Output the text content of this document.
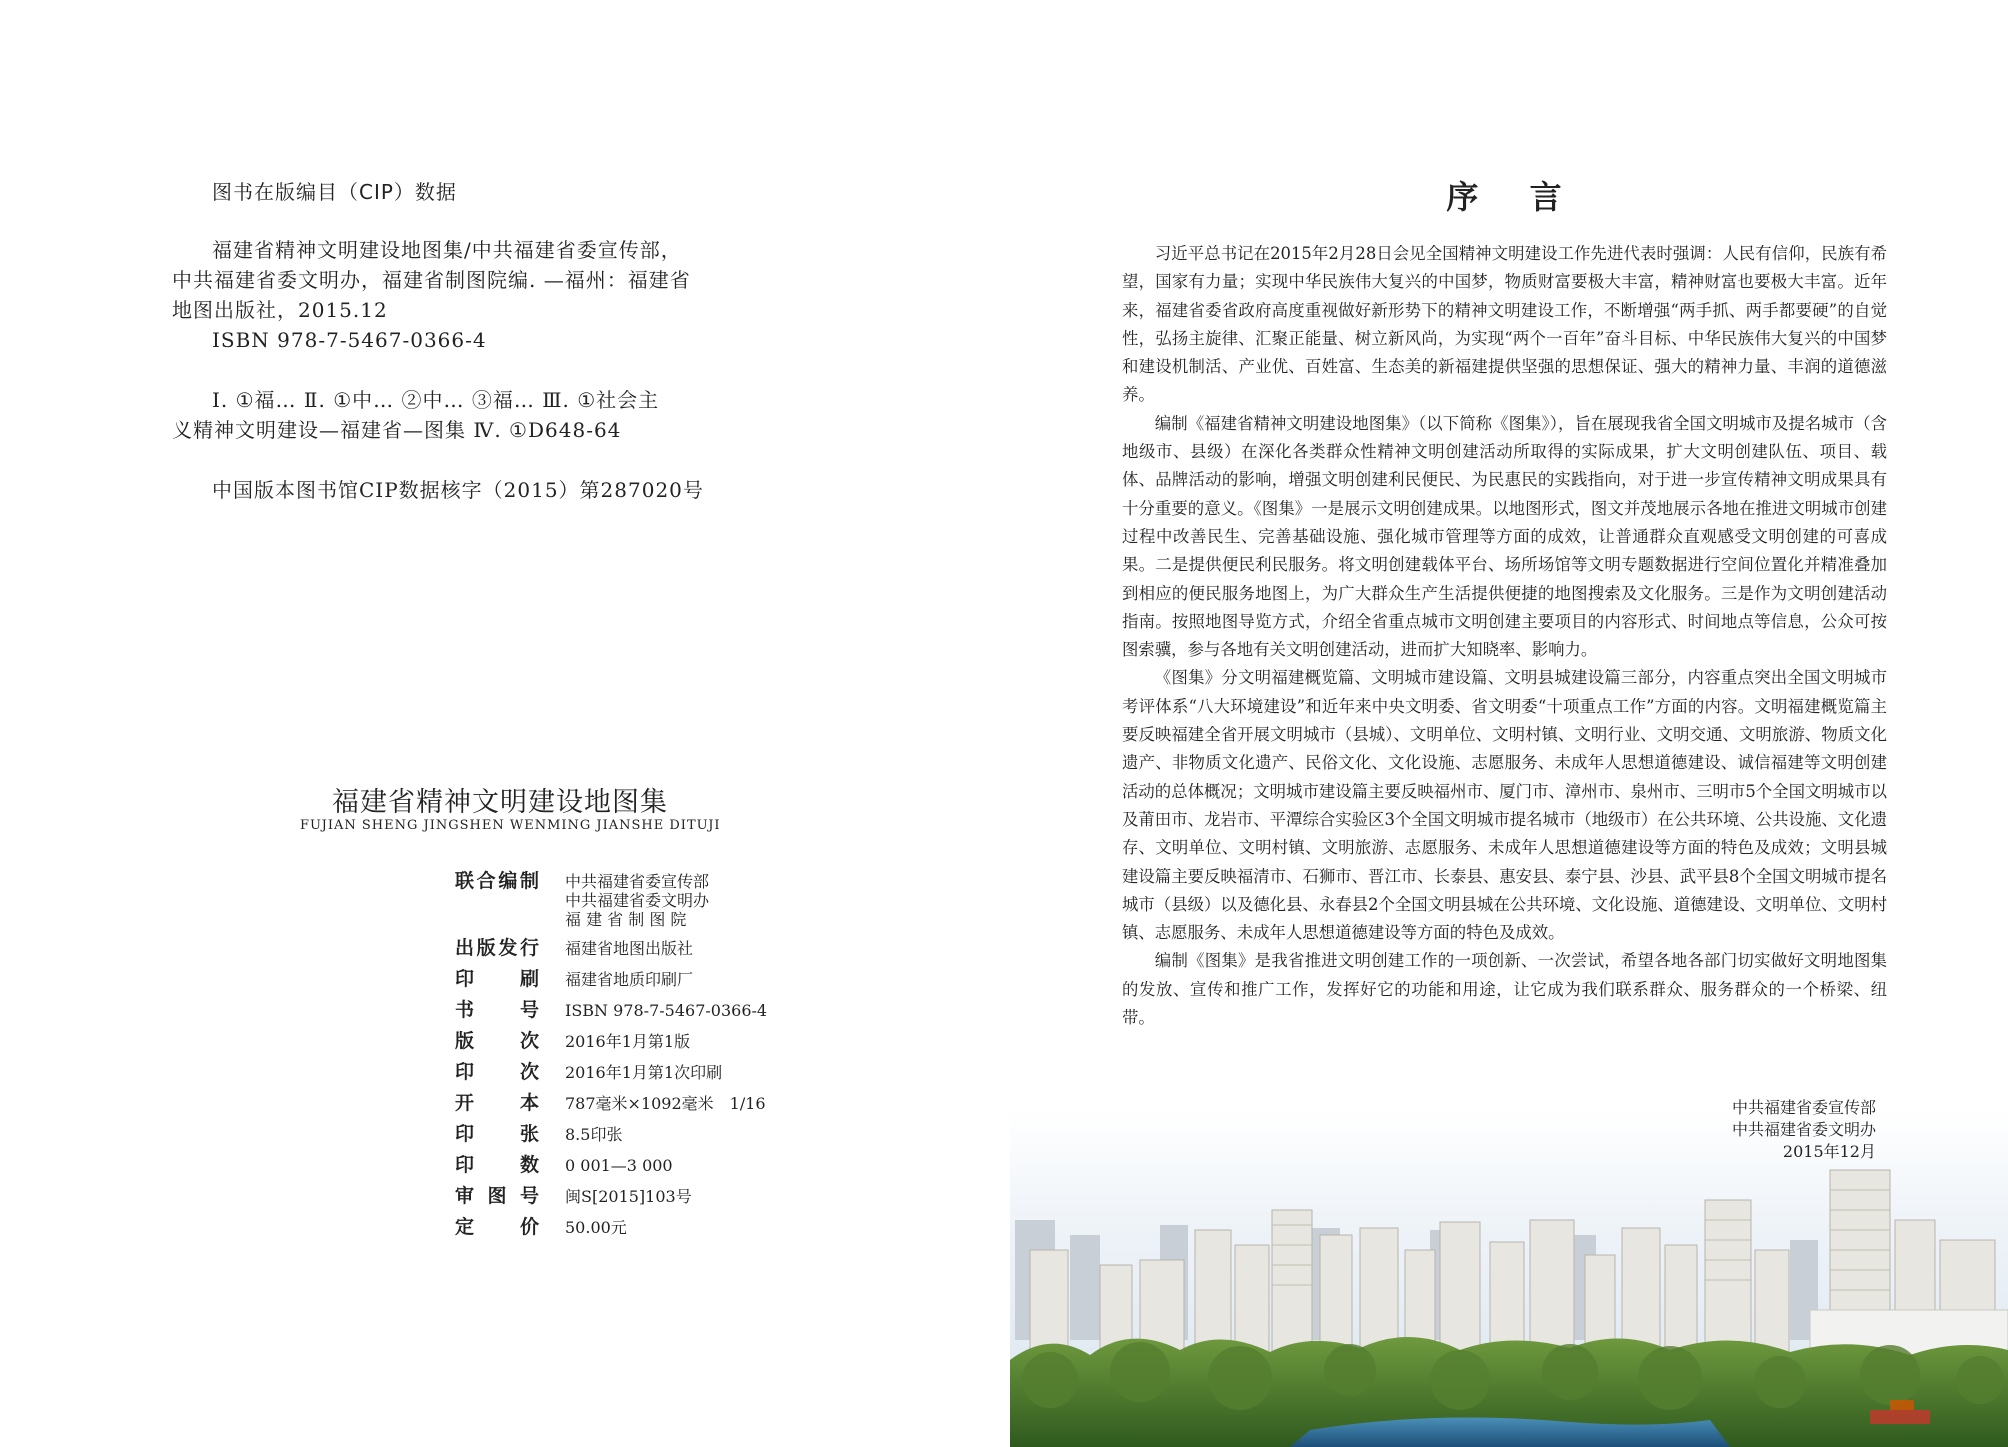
图书在版编目（CIP）数据
福建省精神文明建设地图集/中共福建省委宣传部，
中共福建省委文明办，福建省制图院编. —福州：福建省
地图出版社，2015.12
ISBN 978-7-5467-0366-4
Ⅰ. ①福… Ⅱ. ①中… ②中… ③福… Ⅲ. ①社会主
义精神文明建设—福建省—图集 Ⅳ. ①D648-64
中国版本图书馆CIP数据核字（2015）第287020号
福建省精神文明建设地图集
FUJIAN SHENG JINGSHEN WENMING JIANSHE DITUJI
联 合 编 制 中共福建省委宣传部
中共福建省委文明办
福 建 省 制 图 院
出 版 发 行 福建省地图出版社
印 刷 福建省地质印刷厂
书 号 ISBN 978-7-5467-0366-4
版 次 2016年1月第1版
印 次 2016年1月第1次印刷
开 本 787毫米×1092毫米　1/16
印 张 8.5印张
印 数 0 001—3 000
审 图 号 闽S[2015]103号
定 价 50.00元
序 言

习近平总书记在2015年2月28日会见全国精神文明建设工作先进代表时强调：人民有信仰，民族有希望，国家有力量；实现中华民族伟大复兴的中国梦，物质财富要极大丰富，精神财富也要极大丰富。近年来，福建省委省政府高度重视做好新形势下的精神文明建设工作，不断增强“两手抓、两手都要硬”的自觉性，弘扬主旋律、汇聚正能量、树立新风尚，为实现“两个一百年”奋斗目标、中华民族伟大复兴的中国梦和建设机制活、产业优、百姓富、生态美的新福建提供坚强的思想保证、强大的精神力量、丰润的道德滋养。

编制《福建省精神文明建设地图集》（以下简称《图集》），旨在展现我省全国文明城市及提名城市（含地级市、县级）在深化各类群众性精神文明创建活动所取得的实际成果，扩大文明创建队伍、项目、载体、品牌活动的影响，增强文明创建利民便民、为民惠民的实践指向，对于进一步宣传精神文明成果具有十分重要的意义。《图集》一是展示文明创建成果。以地图形式，图文并茂地展示各地在推进文明城市创建过程中改善民生、完善基础设施、强化城市管理等方面的成效，让普通群众直观感受文明创建的可喜成果。二是提供便民利民服务。将文明创建载体平台、场所场馆等文明专题数据进行空间位置化并精准叠加到相应的便民服务地图上，为广大群众生产生活提供便捷的地图搜索及文化服务。三是作为文明创建活动指南。按照地图导览方式，介绍全省重点城市文明创建主要项目的内容形式、时间地点等信息，公众可按图索骥，参与各地有关文明创建活动，进而扩大知晓率、影响力。

《图集》分文明福建概览篇、文明城市建设篇、文明县城建设篇三部分，内容重点突出全国文明城市考评体系“八大环境建设”和近年来中央文明委、省文明委“十项重点工作”方面的内容。文明福建概览篇主要反映福建全省开展文明城市（县城）、文明单位、文明村镇、文明行业、文明交通、文明旅游、物质文化遗产、非物质文化遗产、民俗文化、文化设施、志愿服务、未成年人思想道德建设、诚信福建等文明创建活动的总体概况；文明城市建设篇主要反映福州市、厦门市、漳州市、泉州市、三明市5个全国文明城市以及莆田市、龙岩市、平潭综合实验区3个全国文明城市提名城市（地级市）在公共环境、公共设施、文化遗存、文明单位、文明村镇、文明旅游、志愿服务、未成年人思想道德建设等方面的特色及成效；文明县城建设篇主要反映福清市、石狮市、晋江市、长泰县、惠安县、泰宁县、沙县、武平县8个全国文明城市提名城市（县级）以及德化县、永春县2个全国文明县城在公共环境、文化设施、道德建设、文明单位、文明村镇、志愿服务、未成年人思想道德建设等方面的特色及成效。

编制《图集》是我省推进文明创建工作的一项创新、一次尝试，希望各地各部门切实做好文明地图集的发放、宣传和推广工作，发挥好它的功能和用途，让它成为我们联系群众、服务群众的一个桥梁、纽带。

中共福建省委宣传部
中共福建省委文明办
2015年12月
